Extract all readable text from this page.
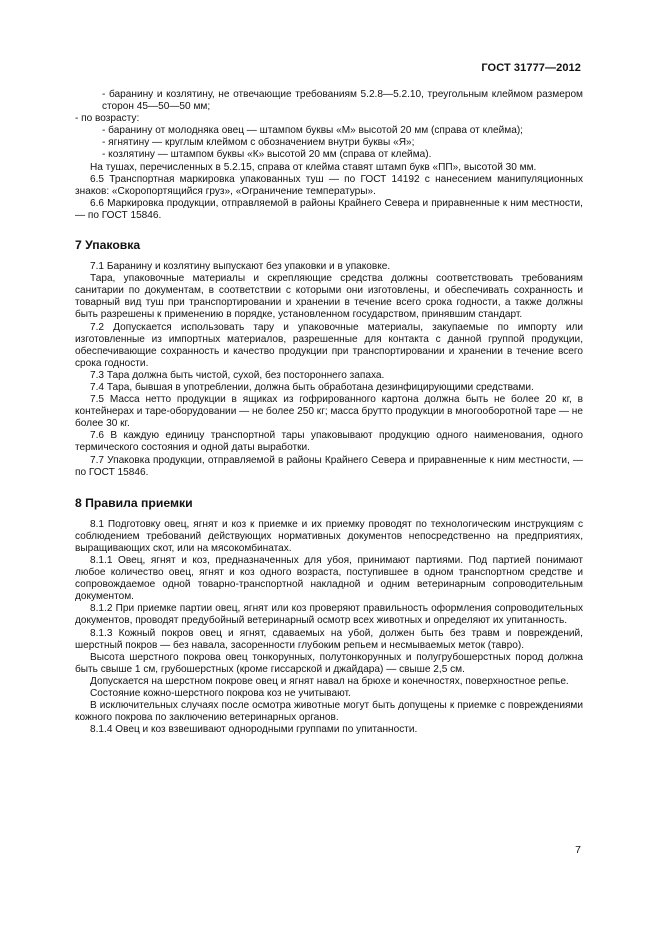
ГОСТ 31777—2012

- баранину и козлятину, не отвечающие требованиям 5.2.8—5.2.10, треугольным клеймом размером сторон 45—50—50 мм;

- по возрасту:

- баранину от молодняка овец — штампом буквы «М» высотой 20 мм (справа от клейма);

- ягнятину — круглым клеймом с обозначением внутри буквы «Я»;

- козлятину — штампом буквы «К» высотой 20 мм (справа от клейма).

На тушах, перечисленных в 5.2.15, справа от клейма ставят штамп букв «ПП», высотой 30 мм.

6.5 Транспортная маркировка упакованных туш — по ГОСТ 14192 с нанесением манипуляционных знаков: «Скоропортящийся груз», «Ограничение температуры».

6.6 Маркировка продукции, отправляемой в районы Крайнего Севера и приравненные к ним местности, — по ГОСТ 15846.

7 Упаковка

7.1 Баранину и козлятину выпускают без упаковки и в упаковке.

Тара, упаковочные материалы и скрепляющие средства должны соответствовать требованиям санитарии по документам, в соответствии с которыми они изготовлены, и обеспечивать сохранность и товарный вид туш при транспортировании и хранении в течение всего срока годности, а также должны быть разрешены к применению в порядке, установленном государством, принявшим стандарт.

7.2 Допускается использовать тару и упаковочные материалы, закупаемые по импорту или изготовленные из импортных материалов, разрешенные для контакта с данной группой продукции, обеспечивающие сохранность и качество продукции при транспортировании и хранении в течение всего срока годности.

7.3 Тара должна быть чистой, сухой, без постороннего запаха.

7.4 Тара, бывшая в употреблении, должна быть обработана дезинфицирующими средствами.

7.5 Масса нетто продукции в ящиках из гофрированного картона должна быть не более 20 кг, в контейнерах и таре-оборудовании — не более 250 кг; масса брутто продукции в многооборотной таре — не более 30 кг.

7.6 В каждую единицу транспортной тары упаковывают продукцию одного наименования, одного термического состояния и одной даты выработки.

7.7 Упаковка продукции, отправляемой в районы Крайнего Севера и приравненные к ним местности, — по ГОСТ 15846.

8 Правила приемки

8.1 Подготовку овец, ягнят и коз к приемке и их приемку проводят по технологическим инструкциям с соблюдением требований действующих нормативных документов непосредственно на предприятиях, выращивающих скот, или на мясокомбинатах.

8.1.1 Овец, ягнят и коз, предназначенных для убоя, принимают партиями. Под партией понимают любое количество овец, ягнят и коз одного возраста, поступившее в одном транспортном средстве и сопровождаемое одной товарно-транспортной накладной и одним ветеринарным сопроводительным документом.

8.1.2 При приемке партии овец, ягнят или коз проверяют правильность оформления сопроводительных документов, проводят предубойный ветеринарный осмотр всех животных и определяют их упитанность.

8.1.3 Кожный покров овец и ягнят, сдаваемых на убой, должен быть без травм и повреждений, шерстный покров — без навала, засоренности глубоким репьем и несмываемых меток (тавро).

Высота шерстного покрова овец тонкорунных, полутонкорунных и полугрубошерстных пород должна быть свыше 1 см, грубошерстных (кроме гиссарской и джайдара) — свыше 2,5 см.

Допускается на шерстном покрове овец и ягнят навал на брюхе и конечностях, поверхностное репье.

Состояние кожно-шерстного покрова коз не учитывают.

В исключительных случаях после осмотра животные могут быть допущены к приемке с повреждениями кожного покрова по заключению ветеринарных органов.

8.1.4 Овец и коз взвешивают однородными группами по упитанности.

7
